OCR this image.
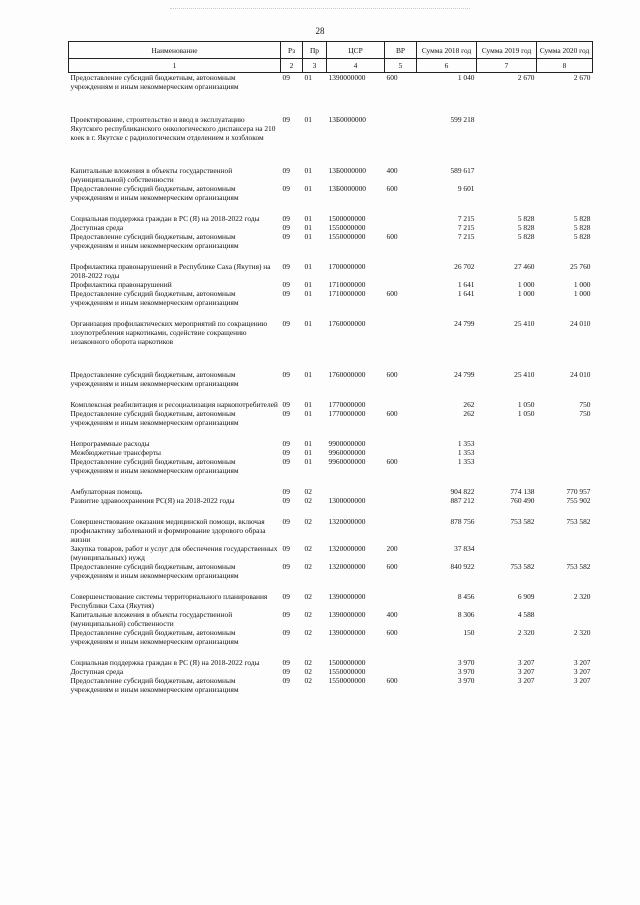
28
Наименование	Рз	Пр	ЦСР	ВР	Сумма 2018 год	Сумма 2019 год	Сумма 2020 год
1	2	3	4	5	6	7	8
Предоставление субсидий бюджетным, автономным учреждениям и иным некоммерческим организациям	09	01	1390000000	600	1 040	2 670	2 670

Проектирование, строительство и ввод в эксплуатацию Якутского республиканского онкологического диспансера на 210 коек в г. Якутске с радиологическим отделением и хозблоком	09	01	13Б0000000		599 218		

Капитальные вложения в объекты государственной (муниципальной) собственности	09	01	13Б0000000	400	589 617		
Предоставление субсидий бюджетным, автономным учреждениям и иным некоммерческим организациям	09	01	13Б0000000	600	9 601		

Социальная поддержка граждан в РС (Я) на 2018-2022 годы	09	01	1500000000		7 215	5 828	5 828
Доступная среда	09	01	1550000000		7 215	5 828	5 828
Предоставление субсидий бюджетным, автономным учреждениям и иным некоммерческим организациям	09	01	1550000000	600	7 215	5 828	5 828

Профилактика правонарушений в Республике Саха (Якутия) на 2018-2022 годы	09	01	1700000000		26 702	27 460	25 760
Профилактика правонарушений	09	01	1710000000		1 641	1 000	1 000
Предоставление субсидий бюджетным, автономным учреждениям и иным некоммерческим организациям	09	01	1710000000	600	1 641	1 000	1 000

Организация профилактических мероприятий по сокращению злоупотребления наркотиками, содействие сокращению незаконного оборота наркотиков	09	01	1760000000		24 799	25 410	24 010

Предоставление субсидий бюджетным, автономным учреждениям и иным некоммерческим организациям	09	01	1760000000	600	24 799	25 410	24 010

Комплексная реабилитация и ресоциализация наркопотребителей	09	01	1770000000		262	1 050	750
Предоставление субсидий бюджетным, автономным учреждениям и иным некоммерческим организациям	09	01	1770000000	600	262	1 050	750

Непрограммные расходы	09	01	9900000000		1 353		
Межбюджетные трансферты	09	01	9960000000		1 353		
Предоставление субсидий бюджетным, автономным учреждениям и иным некоммерческим организациям	09	01	9960000000	600	1 353		

Амбулаторная помощь	09	02			904 822	774 138	770 957
Развитие здравоохранения РС(Я) на 2018-2022 годы	09	02	1300000000		887 212	760 490	755 902

Совершенствование оказания медицинской помощи, включая профилактику заболеваний и формирование здорового образа жизни	09	02	1320000000		878 756	753 582	753 582
Закупка товаров, работ и услуг для обеспечения государственных (муниципальных) нужд	09	02	1320000000	200	37 834		
Предоставление субсидий бюджетным, автономным учреждениям и иным некоммерческим организациям	09	02	1320000000	600	840 922	753 582	753 582

Совершенствование системы территориального планирования Республики Саха (Якутия)	09	02	1390000000		8 456	6 909	2 320
Капитальные вложения в объекты государственной (муниципальной) собственности	09	02	1390000000	400	8 306	4 588	
Предоставление субсидий бюджетным, автономным учреждениям и иным некоммерческим организациям	09	02	1390000000	600	150	2 320	2 320

Социальная поддержка граждан в РС (Я) на 2018-2022 годы	09	02	1500000000		3 970	3 207	3 207
Доступная среда	09	02	1550000000		3 970	3 207	3 207
Предоставление субсидий бюджетным, автономным учреждениям и иным некоммерческим организациям	09	02	1550000000	600	3 970	3 207	3 207
